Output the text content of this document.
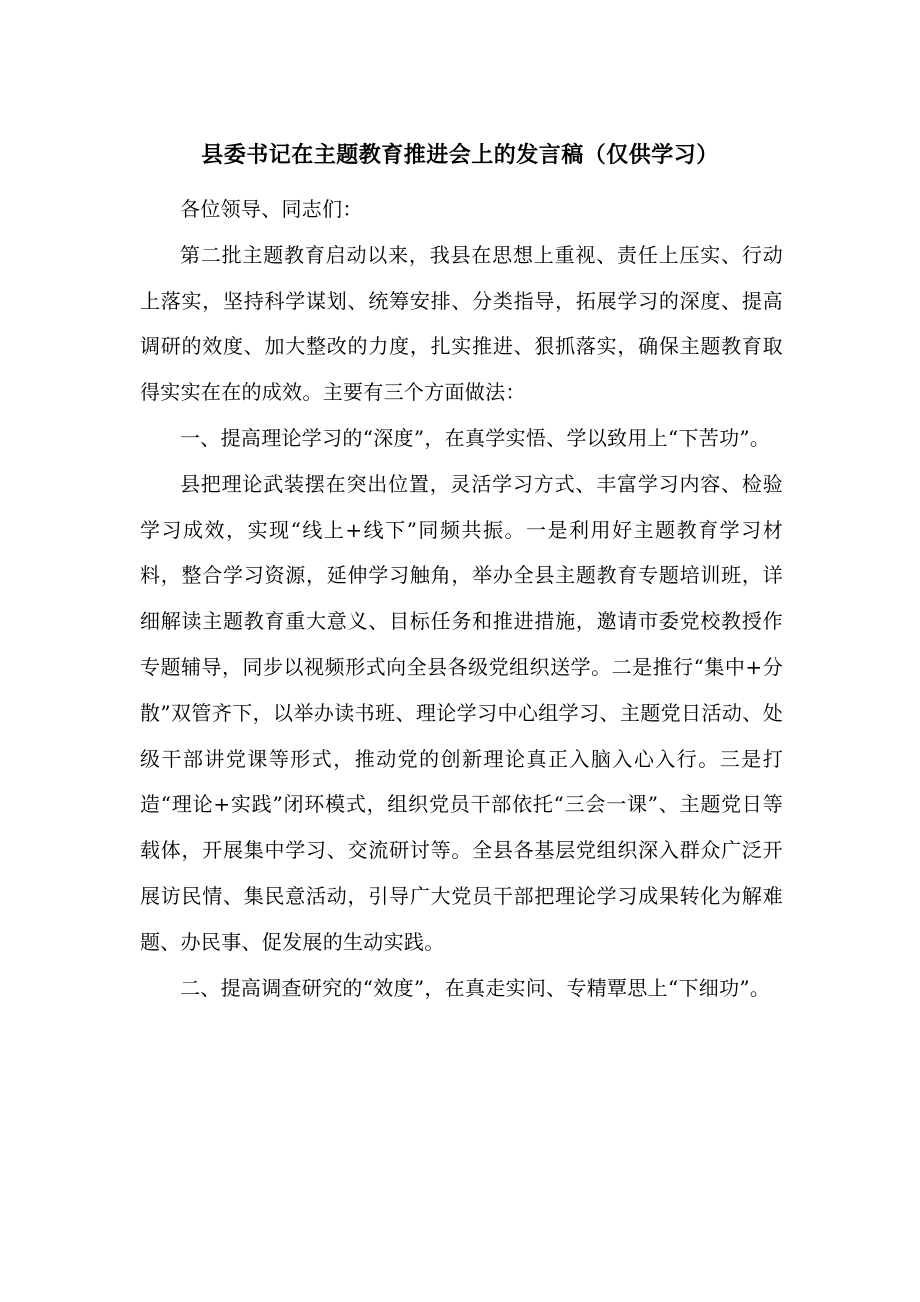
县委书记在主题教育推进会上的发言稿（仅供学习）

各位领导、同志们：

第二批主题教育启动以来，我县在思想上重视、责任上压实、行动上落实，坚持科学谋划、统筹安排、分类指导，拓展学习的深度、提高调研的效度、加大整改的力度，扎实推进、狠抓落实，确保主题教育取得实实在在的成效。主要有三个方面做法：

一、提高理论学习的“深度”，在真学实悟、学以致用上“下苦功”。

县把理论武装摆在突出位置，灵活学习方式、丰富学习内容、检验学习成效，实现“线上+线下”同频共振。一是利用好主题教育学习材料，整合学习资源，延伸学习触角，举办全县主题教育专题培训班，详细解读主题教育重大意义、目标任务和推进措施，邀请市委党校教授作专题辅导，同步以视频形式向全县各级党组织送学。二是推行“集中+分散”双管齐下，以举办读书班、理论学习中心组学习、主题党日活动、处级干部讲党课等形式，推动党的创新理论真正入脑入心入行。三是打造“理论+实践”闭环模式，组织党员干部依托“三会一课”、主题党日等载体，开展集中学习、交流研讨等。全县各基层党组织深入群众广泛开展访民情、集民意活动，引导广大党员干部把理论学习成果转化为解难题、办民事、促发展的生动实践。

二、提高调查研究的“效度”，在真走实问、专精覃思上“下细功”。
